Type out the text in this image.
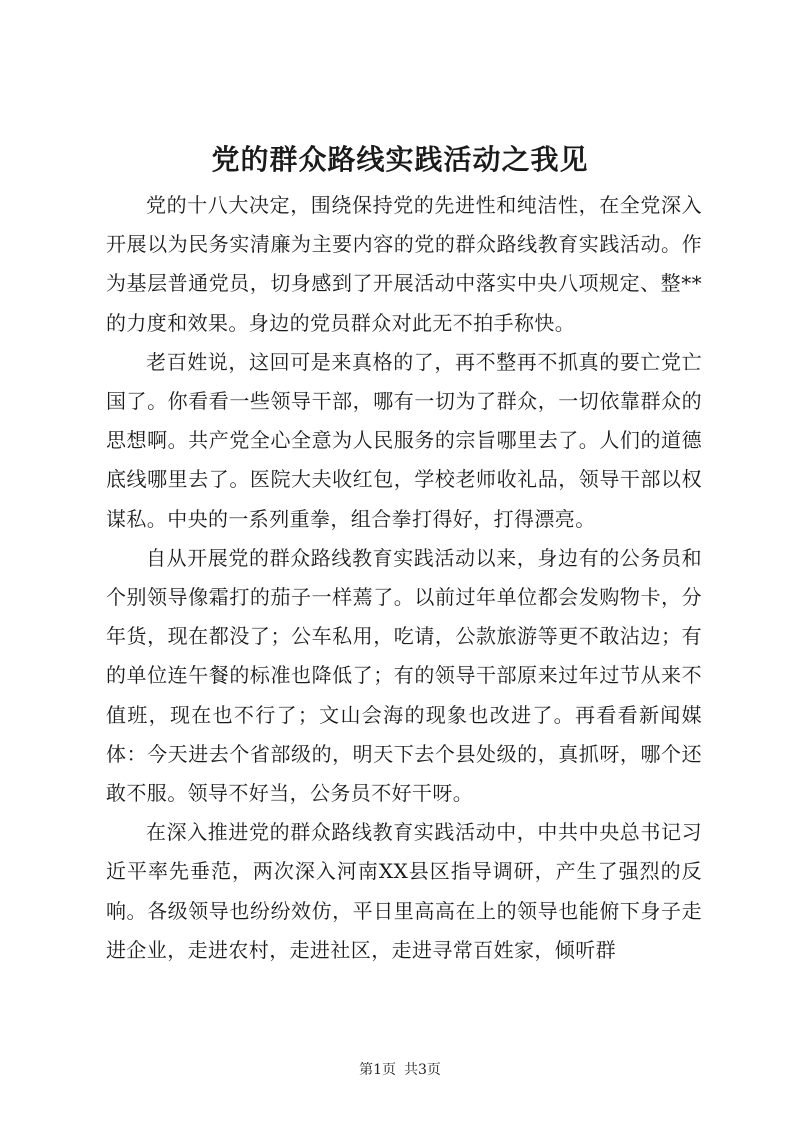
党的群众路线实践活动之我见

党的十八大决定，围绕保持党的先进性和纯洁性，在全党深入开展以为民务实清廉为主要内容的党的群众路线教育实践活动。作为基层普通党员，切身感到了开展活动中落实中央八项规定、整**的力度和效果。身边的党员群众对此无不拍手称快。

老百姓说，这回可是来真格的了，再不整再不抓真的要亡党亡国了。你看看一些领导干部，哪有一切为了群众，一切依靠群众的思想啊。共产党全心全意为人民服务的宗旨哪里去了。人们的道德底线哪里去了。医院大夫收红包，学校老师收礼品，领导干部以权谋私。中央的一系列重拳，组合拳打得好，打得漂亮。

自从开展党的群众路线教育实践活动以来，身边有的公务员和个别领导像霜打的茄子一样蔫了。以前过年单位都会发购物卡，分年货，现在都没了；公车私用，吃请，公款旅游等更不敢沾边；有的单位连午餐的标准也降低了；有的领导干部原来过年过节从来不值班，现在也不行了；文山会海的现象也改进了。再看看新闻媒体：今天进去个省部级的，明天下去个县处级的，真抓呀，哪个还敢不服。领导不好当，公务员不好干呀。

在深入推进党的群众路线教育实践活动中，中共中央总书记习近平率先垂范，两次深入河南XX县区指导调研，产生了强烈的反响。各级领导也纷纷效仿，平日里高高在上的领导也能俯下身子走进企业，走进农村，走进社区，走进寻常百姓家，倾听群

第1页 共3页
